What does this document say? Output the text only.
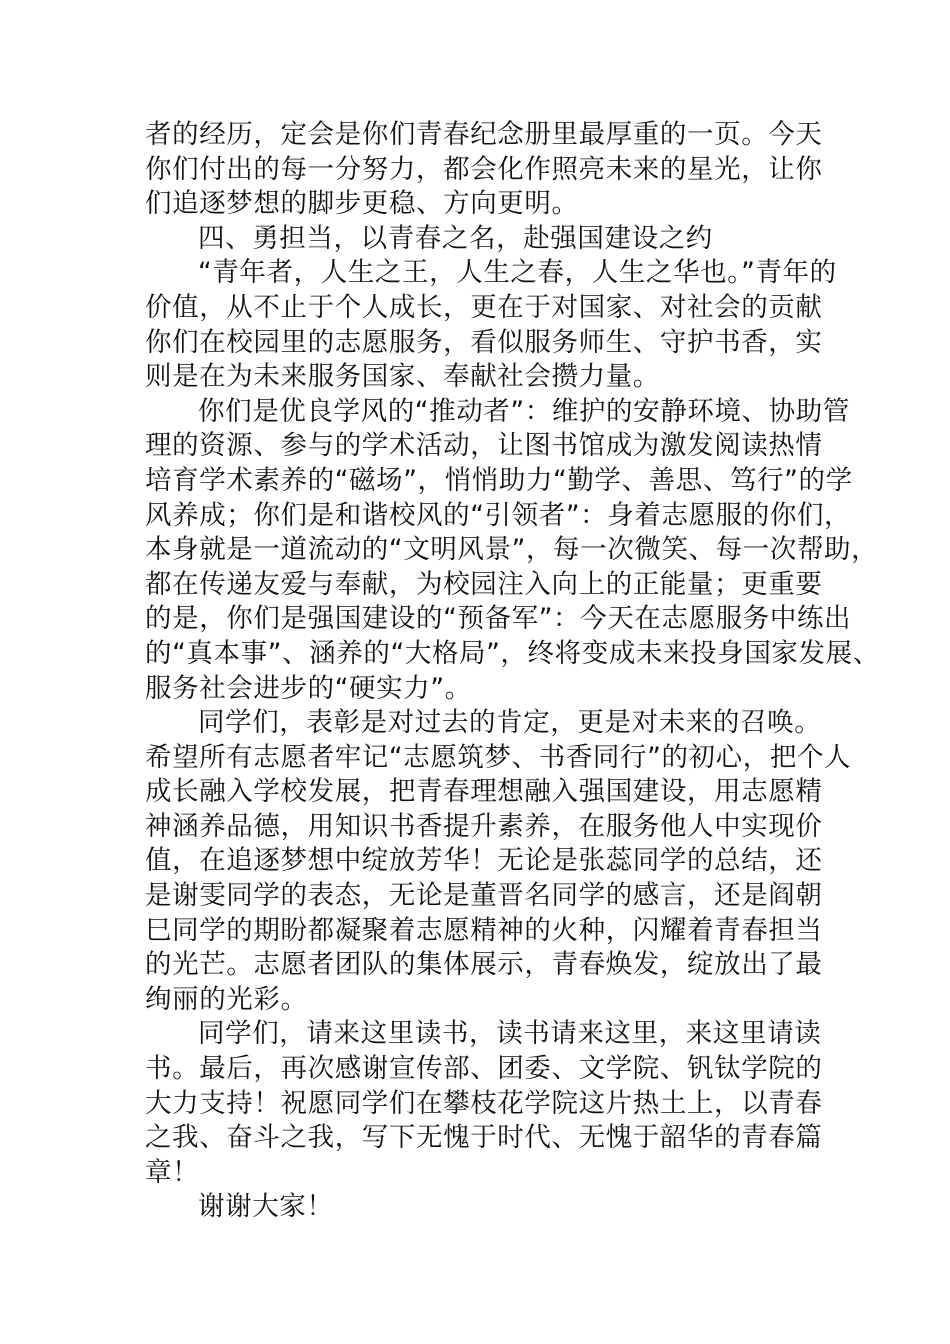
者的经历，定会是你们青春纪念册里最厚重的一页。今天
你们付出的每一分努力，都会化作照亮未来的星光，让你
们追逐梦想的脚步更稳、方向更明。
四、勇担当，以青春之名，赴强国建设之约
“青年者，人生之王，人生之春，人生之华也。”青年的
价值，从不止于个人成长，更在于对国家、对社会的贡献
你们在校园里的志愿服务，看似服务师生、守护书香，实
则是在为未来服务国家、奉献社会攒力量。
你们是优良学风的“推动者”：维护的安静环境、协助管
理的资源、参与的学术活动，让图书馆成为激发阅读热情
培育学术素养的“磁场”，悄悄助力“勤学、善思、笃行”的学
风养成；你们是和谐校风的“引领者”：身着志愿服的你们，
本身就是一道流动的“文明风景”，每一次微笑、每一次帮助，
都在传递友爱与奉献，为校园注入向上的正能量；更重要
的是，你们是强国建设的“预备军”：今天在志愿服务中练出
的“真本事”、涵养的“大格局”，终将变成未来投身国家发展、
服务社会进步的“硬实力”。
同学们，表彰是对过去的肯定，更是对未来的召唤。
希望所有志愿者牢记“志愿筑梦、书香同行”的初心，把个人
成长融入学校发展，把青春理想融入强国建设，用志愿精
神涵养品德，用知识书香提升素养，在服务他人中实现价
值，在追逐梦想中绽放芳华！无论是张蕊同学的总结，还
是谢雯同学的表态，无论是董晋名同学的感言，还是阎朝
巳同学的期盼都凝聚着志愿精神的火种，闪耀着青春担当
的光芒。志愿者团队的集体展示，青春焕发，绽放出了最
绚丽的光彩。
同学们，请来这里读书，读书请来这里，来这里请读
书。最后，再次感谢宣传部、团委、文学院、钒钛学院的
大力支持！祝愿同学们在攀枝花学院这片热土上，以青春
之我、奋斗之我，写下无愧于时代、无愧于韶华的青春篇
章！
谢谢大家！
